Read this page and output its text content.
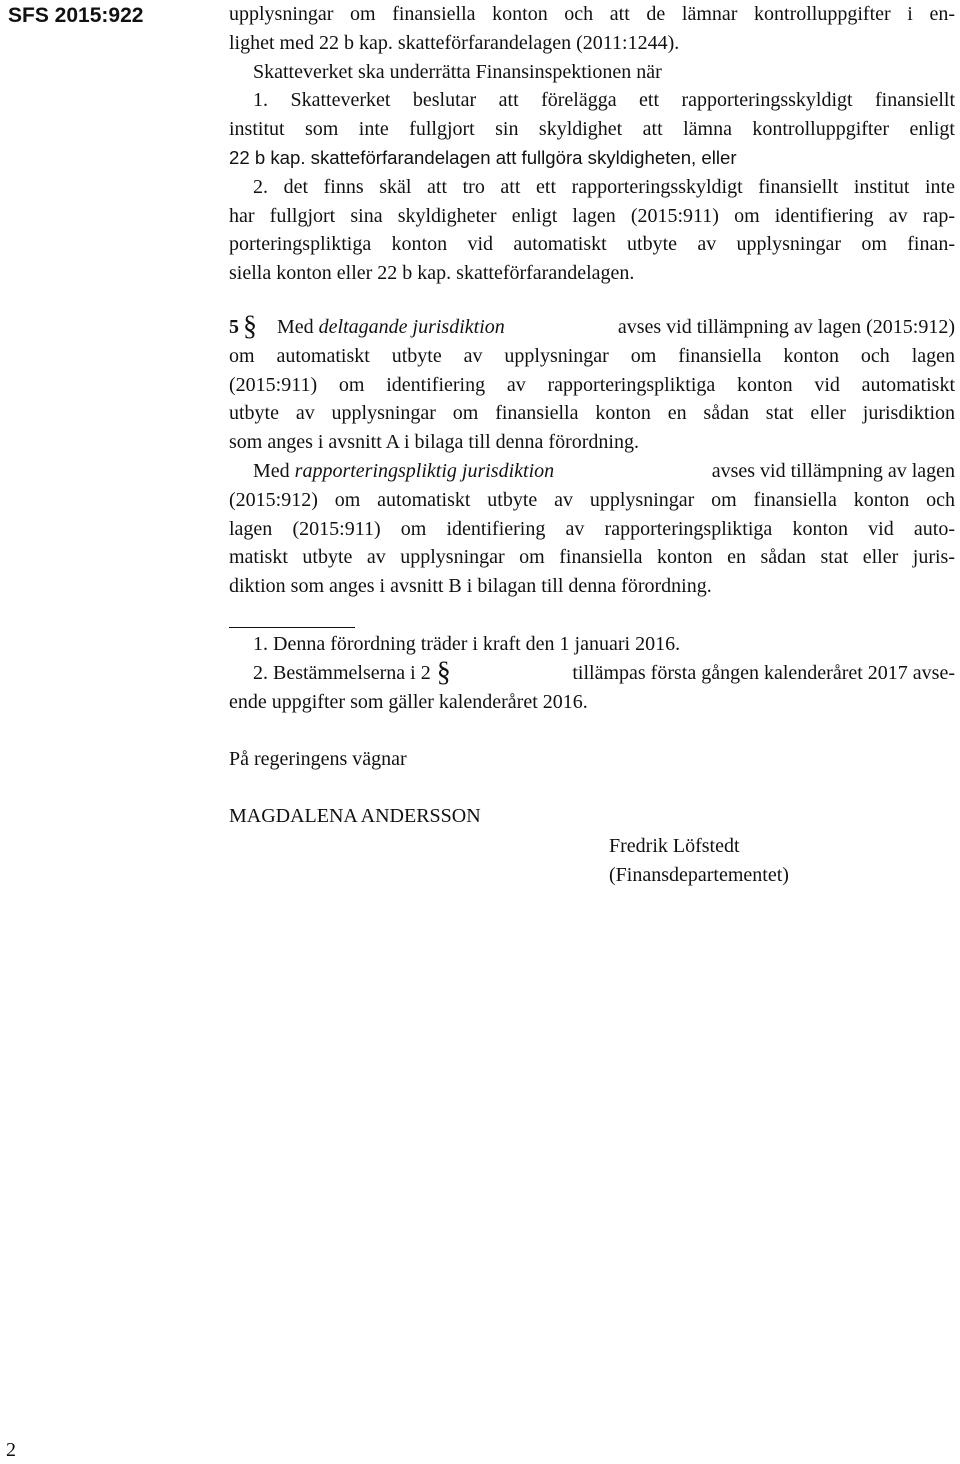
SFS 2015:922	upplysningar om finansiella konton och att de lämnar kontrolluppgifter i en-
lighet med 22 b kap. skatteförfarandelagen (2011:1244).
Skatteverket ska underrätta Finansinspektionen när
1. Skatteverket beslutar att förelägga ett rapporteringsskyldigt finansiellt
institut som inte fullgjort sin skyldighet att lämna kontrolluppgifter enligt
22 b kap. skatteförfarandelagen att fullgöra skyldigheten, eller
2. det finns skäl att tro att ett rapporteringsskyldigt finansiellt institut inte
har fullgjort sina skyldigheter enligt lagen (2015:911) om identifiering av rap-
porteringspliktiga konton vid automatiskt utbyte av upplysningar om finan-
siella konton eller 22 b kap. skatteförfarandelagen.
5 § Med deltagande jurisdiktion	avses vid tillämpning av lagen (2015:912)
om automatiskt utbyte av upplysningar om finansiella konton och lagen
(2015:911) om identifiering av rapporteringspliktiga konton vid automatiskt
utbyte av upplysningar om finansiella konton en sådan stat eller jurisdiktion
som anges i avsnitt A i bilaga till denna förordning.
Med rapporteringspliktig jurisdiktion	avses vid tillämpning av lagen
(2015:912) om automatiskt utbyte av upplysningar om finansiella konton och
lagen (2015:911) om identifiering av rapporteringspliktiga konton vid auto-
matiskt utbyte av upplysningar om finansiella konton en sådan stat eller juris-
diktion som anges i avsnitt B i bilagan till denna förordning.
1. Denna förordning träder i kraft den 1 januari 2016.
2. Bestämmelserna i 2 §	tillämpas första gången kalenderåret 2017 avse-
ende uppgifter som gäller kalenderåret 2016.
På regeringens vägnar
MAGDALENA ANDERSSON
Fredrik Löfstedt
(Finansdepartementet)
2
